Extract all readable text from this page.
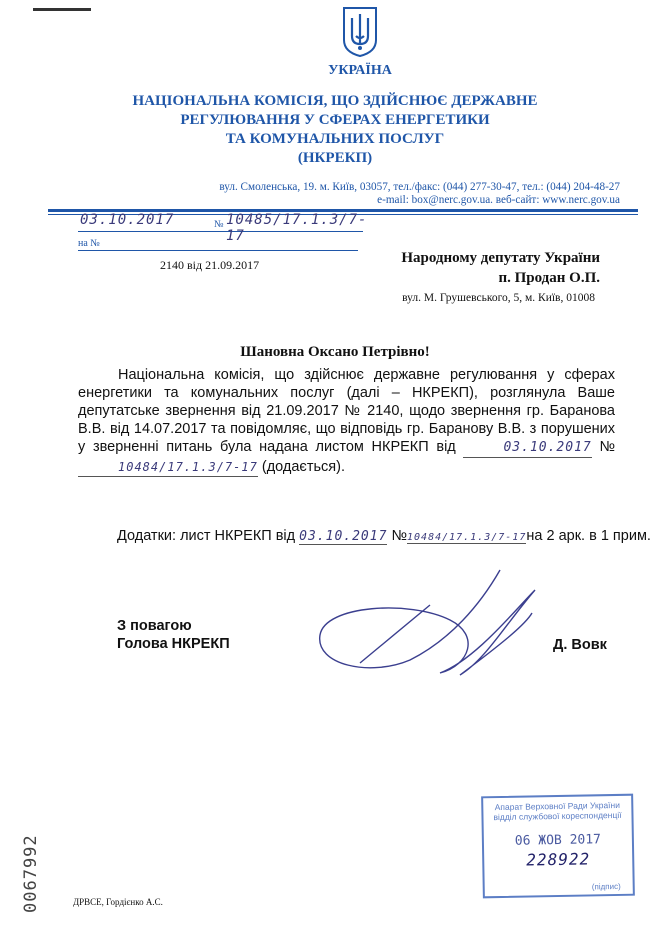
УКРАЇНА
НАЦІОНАЛЬНА КОМІСІЯ, ЩО ЗДІЙСНЮЄ ДЕРЖАВНЕ
РЕГУЛЮВАННЯ У СФЕРАХ ЕНЕРГЕТИКИ
ТА КОМУНАЛЬНИХ ПОСЛУГ
(НКРЕКП)
вул. Смоленська, 19. м. Київ, 03057, тел./факс: (044) 277-30-47, тел.: (044) 204-48-27
e-mail: box@nerc.gov.ua. веб-сайт: www.nerc.gov.ua
03.10.2017	№ 10485/17.1.3/7-17
на №
2140 від 21.09.2017	Народному депутату України
п. Продан О.П.
вул. М. Грушевського, 5, м. Київ, 01008
Шановна Оксано Петрівно!

Національна комісія, що здійснює державне регулювання у сферах енергетики та комунальних послуг (далі – НКРЕКП), розглянула Ваше депутатське звернення від 21.09.2017 № 2140, щодо звернення гр. Баранова В.В. від 14.07.2017 та повідомляє, що відповідь гр. Баранову В.В. з порушених у зверненні питань була надана листом НКРЕКП від	03.10.2017 №10484/17.1.3/7-17 (додається).

Додатки: лист НКРЕКП від 03.10.2017 №10484/17.1.3/7-17на 2 арк. в 1 прим.
З повагою
Голова НКРЕКП	Д. Вовк
Апарат Верховної Ради України
відділ службової кореспонденції
06 ЖОВ 2017
228922
(підпис)
0067992	ДРВСЕ, Гордієнко А.С.
